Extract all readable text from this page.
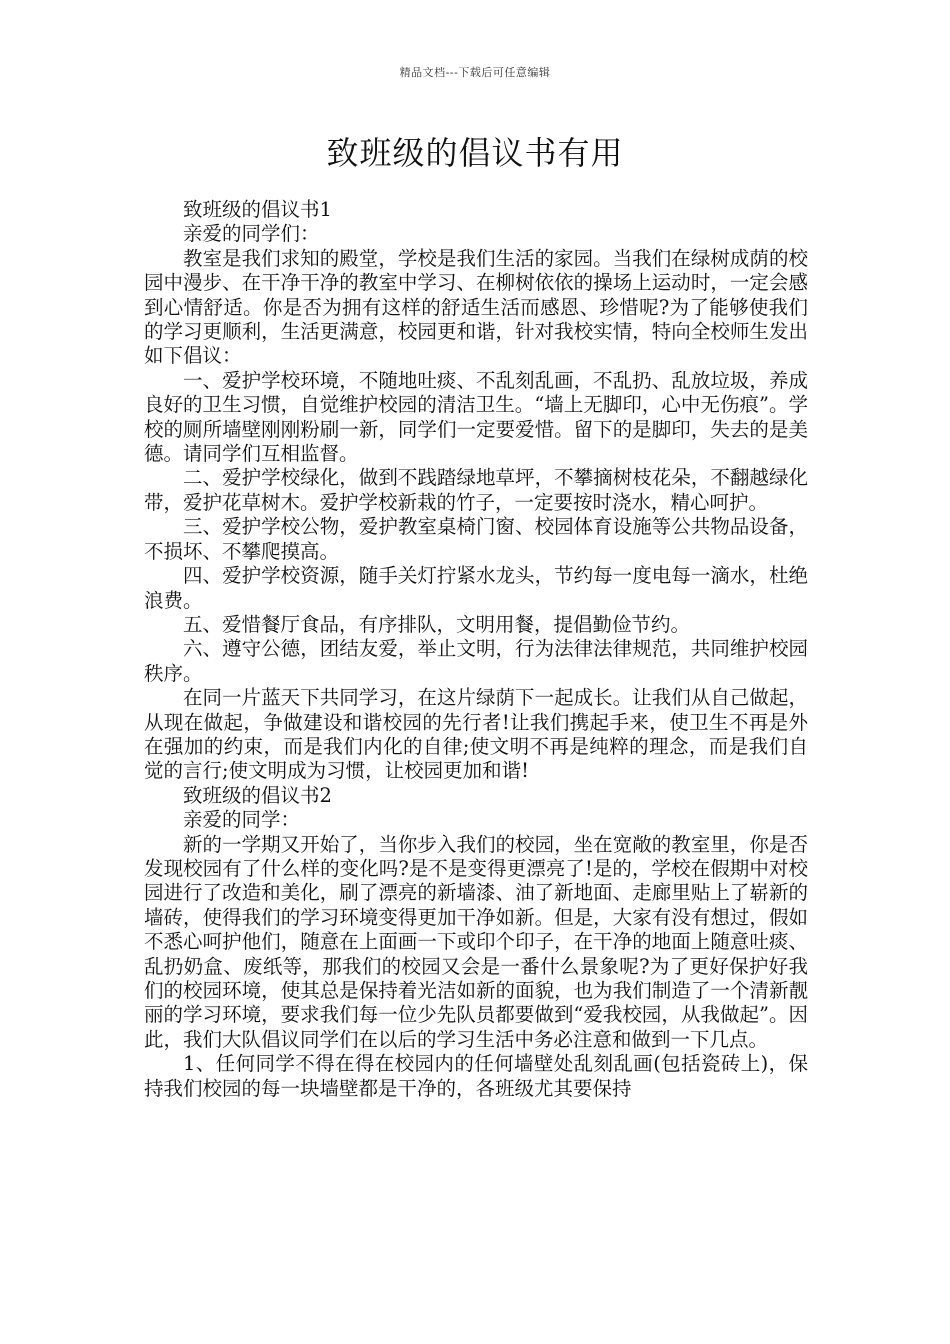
精品文档---下载后可任意编辑
致班级的倡议书有用

致班级的倡议书1

亲爱的同学们：

教室是我们求知的殿堂，学校是我们生活的家园。当我们在绿树成荫的校园中漫步、在干净干净的教室中学习、在柳树依依的操场上运动时，一定会感到心情舒适。你是否为拥有这样的舒适生活而感恩、珍惜呢?为了能够使我们的学习更顺利，生活更满意，校园更和谐，针对我校实情，特向全校师生发出如下倡议：

一、爱护学校环境，不随地吐痰、不乱刻乱画，不乱扔、乱放垃圾，养成良好的卫生习惯，自觉维护校园的清洁卫生。“墙上无脚印，心中无伤痕”。学校的厕所墙壁刚刚粉刷一新，同学们一定要爱惜。留下的是脚印，失去的是美德。请同学们互相监督。

二、爱护学校绿化，做到不践踏绿地草坪，不攀摘树枝花朵，不翻越绿化带，爱护花草树木。爱护学校新栽的竹子，一定要按时浇水，精心呵护。

三、爱护学校公物，爱护教室桌椅门窗、校园体育设施等公共物品设备，不损坏、不攀爬摸高。

四、爱护学校资源，随手关灯拧紧水龙头，节约每一度电每一滴水，杜绝浪费。

五、爱惜餐厅食品，有序排队，文明用餐，提倡勤俭节约。

六、遵守公德，团结友爱，举止文明，行为法律法律规范，共同维护校园秩序。

在同一片蓝天下共同学习，在这片绿荫下一起成长。让我们从自己做起，从现在做起，争做建设和谐校园的先行者!让我们携起手来，使卫生不再是外在强加的约束，而是我们内化的自律;使文明不再是纯粹的理念，而是我们自觉的言行;使文明成为习惯，让校园更加和谐!

致班级的倡议书2

亲爱的同学：

新的一学期又开始了，当你步入我们的校园，坐在宽敞的教室里，你是否发现校园有了什么样的变化吗?是不是变得更漂亮了!是的，学校在假期中对校园进行了改造和美化，刷了漂亮的新墙漆、油了新地面、走廊里贴上了崭新的墙砖，使得我们的学习环境变得更加干净如新。但是，大家有没有想过，假如不悉心呵护他们，随意在上面画一下或印个印子，在干净的地面上随意吐痰、乱扔奶盒、废纸等，那我们的校园又会是一番什么景象呢?为了更好保护好我们的校园环境，使其总是保持着光洁如新的面貌，也为我们制造了一个清新靓丽的学习环境，要求我们每一位少先队员都要做到“爱我校园，从我做起”。因此，我们大队倡议同学们在以后的学习生活中务必注意和做到一下几点。

1、任何同学不得在得在校园内的任何墙壁处乱刻乱画(包括瓷砖上)，保持我们校园的每一块墙壁都是干净的，各班级尤其要保持
